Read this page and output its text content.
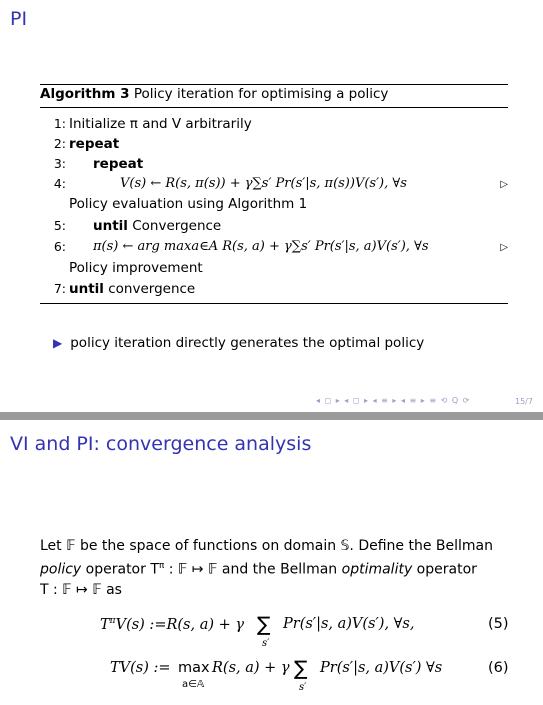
PI
Algorithm 3 Policy iteration for optimising a policy
1: Initialize π and V arbitrarily
2: repeat
3: repeat
4:	V(s) ← R(s, π(s)) + γ∑s′ Pr(s′|s, π(s))V(s′), ∀s	▷
Policy evaluation using Algorithm 1
5: until Convergence
6: π(s) ← arg maxa∈A R(s, a) + γ∑s′ Pr(s′|s, a)V(s′), ∀s	▷
Policy improvement
7: until convergence
▶ policy iteration directly generates the optimal policy
◂ ◻ ▸ ◂ ◻ ▸ ◂ ≡ ▸ ◂ ≡ ▸ ≡ ⟲ Q ⟳	15/7
VI and PI: convergence analysis
Let 𝔽 be the space of functions on domain 𝕊. Define the Bellman
policy operator $T^\pi$ : 𝔽 ↦ 𝔽 and the Bellman optimality operator
T : 𝔽 ↦ 𝔽 as
$T^\pi V(s)$ :=R(s, a) + γ ∑ Pr(s′|s, a)V(s′), ∀s,
s′
(5)
TV(s) := max
a∈𝔸
R(s, a) + γ ∑ Pr(s′|s, a)V(s′) ∀s
s′
(6)
